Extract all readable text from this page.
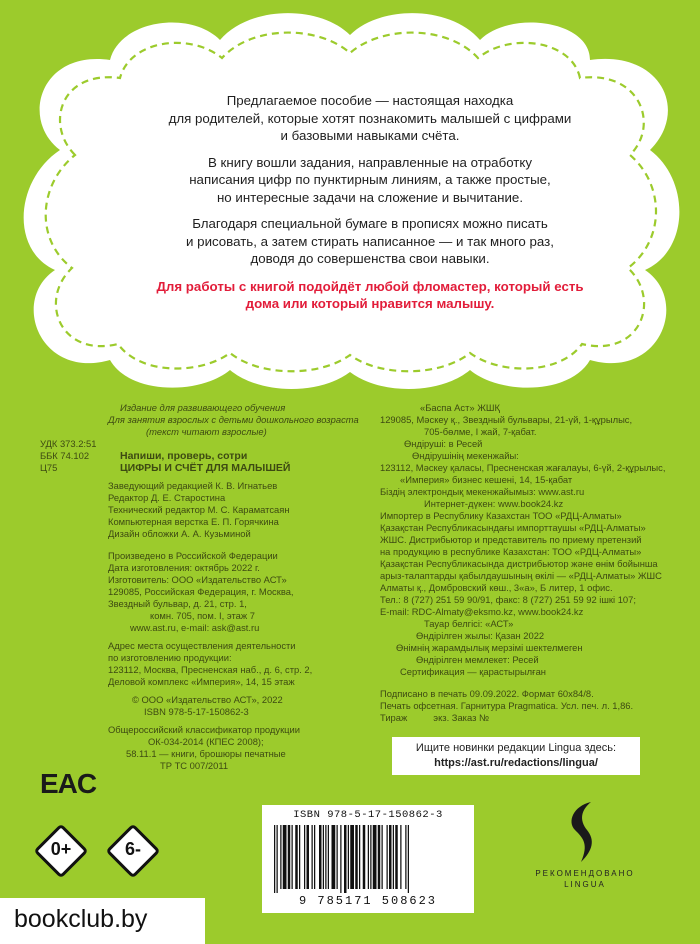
Предлагаемое пособие — настоящая находка
для родителей, которые хотят познакомить малышей с цифрами
и базовыми навыками счёта.

В книгу вошли задания, направленные на отработку
написания цифр по пунктирным линиям, а также простые,
но интересные задачи на сложение и вычитание.

Благодаря специальной бумаге в прописях можно писать
и рисовать, а затем стирать написанное — и так много раз,
доводя до совершенства свои навыки.

Для работы с книгой подойдёт любой фломастер, который есть
дома или который нравится малышу.

УДК 373.2:51
ББК 74.102
Ц75
Издание для развивающего обучения
Для занятия взрослых с детьми дошкольного возраста
(текст читают взрослые)
Напиши, проверь, сотри
ЦИФРЫ И СЧЁТ ДЛЯ МАЛЫШЕЙ
Заведующий редакцией К. В. Игнатьев
Редактор Д. Е. Старостина
Технический редактор М. С. Караматсаян
Компьютерная верстка Е. П. Горячкина
Дизайн обложки А. А. Кузьминой
Произведено в Российской Федерации
Дата изготовления: октябрь 2022 г.
Изготовитель: ООО «Издательство АСТ»
129085, Российская Федерация, г. Москва,
Звездный бульвар, д. 21, стр. 1,
комн. 705, пом. I, этаж 7
www.ast.ru, e-mail: ask@ast.ru
Адрес места осуществления деятельности
по изготовлению продукции:
123112, Москва, Пресненская наб., д. 6, стр. 2,
Деловой комплекс «Империя», 14, 15 этаж
© ООО «Издательство АСТ», 2022
ISBN 978-5-17-150862-3
Общероссийский классификатор продукции
ОК-034-2014 (КПЕС 2008);
58.11.1 — книги, брошюры печатные
ТР ТС 007/2011
«Баспа Аст» ЖШҚ
129085, Мәскеу қ., Звездный бульвары, 21-үй, 1-құрылыс,
705-бөлме, I жай, 7-қабат.
Өндіруші: в Ресей
Өндірушінің мекенжайы:
123112, Мәскеу қаласы, Пресненская жағалауы, 6-үй, 2-құрылыс,
«Империя» бизнес кешені, 14, 15-қабат
Біздің электрондық мекенжайымыз: www.ast.ru
Интернет-дүкен: www.book24.kz
Импортер в Республику Казахстан ТОО «РДЦ-Алматы»
Қазақстан Республикасындағы импорттаушы «РДЦ-Алматы»
ЖШС. Дистрибьютор и представитель по приему претензий
на продукцию в республике Казахстан: ТОО «РДЦ-Алматы»
Қазақстан Республикасында дистрибьютор және өнім бойынша
арыз-талаптарды қабылдаушының өкілі — «РДЦ-Алматы» ЖШС
Алматы қ., Домбровский көш., 3«а», Б литер, 1 офис.
Тел.: 8 (727) 251 59 90/91, факс: 8 (727) 251 59 92 ішкі 107;
E-mail: RDC-Almaty@eksmo.kz, www.book24.kz
Тауар белгісі: «АСТ»
Өндірілген жылы: Қазан 2022
Өнімнің жарамдылық мерзімі шектелмеген
Өндірілген мемлекет: Ресей
Сертификация — қарастырылған
Подписано в печать 09.09.2022. Формат 60x84/8.
Печать офсетная. Гарнитура Pragmatica. Усл. печ. л. 1,86.
Тираж          экз. Заказ №
Ищите новинки редакции Lingua здесь:
https://ast.ru/redactions/lingua/
EAC
0+	6-
ISBN 978-5-17-150862-3
9 785171 508623
РЕКОМЕНДОВАНО
LINGUA
bookclub.by
